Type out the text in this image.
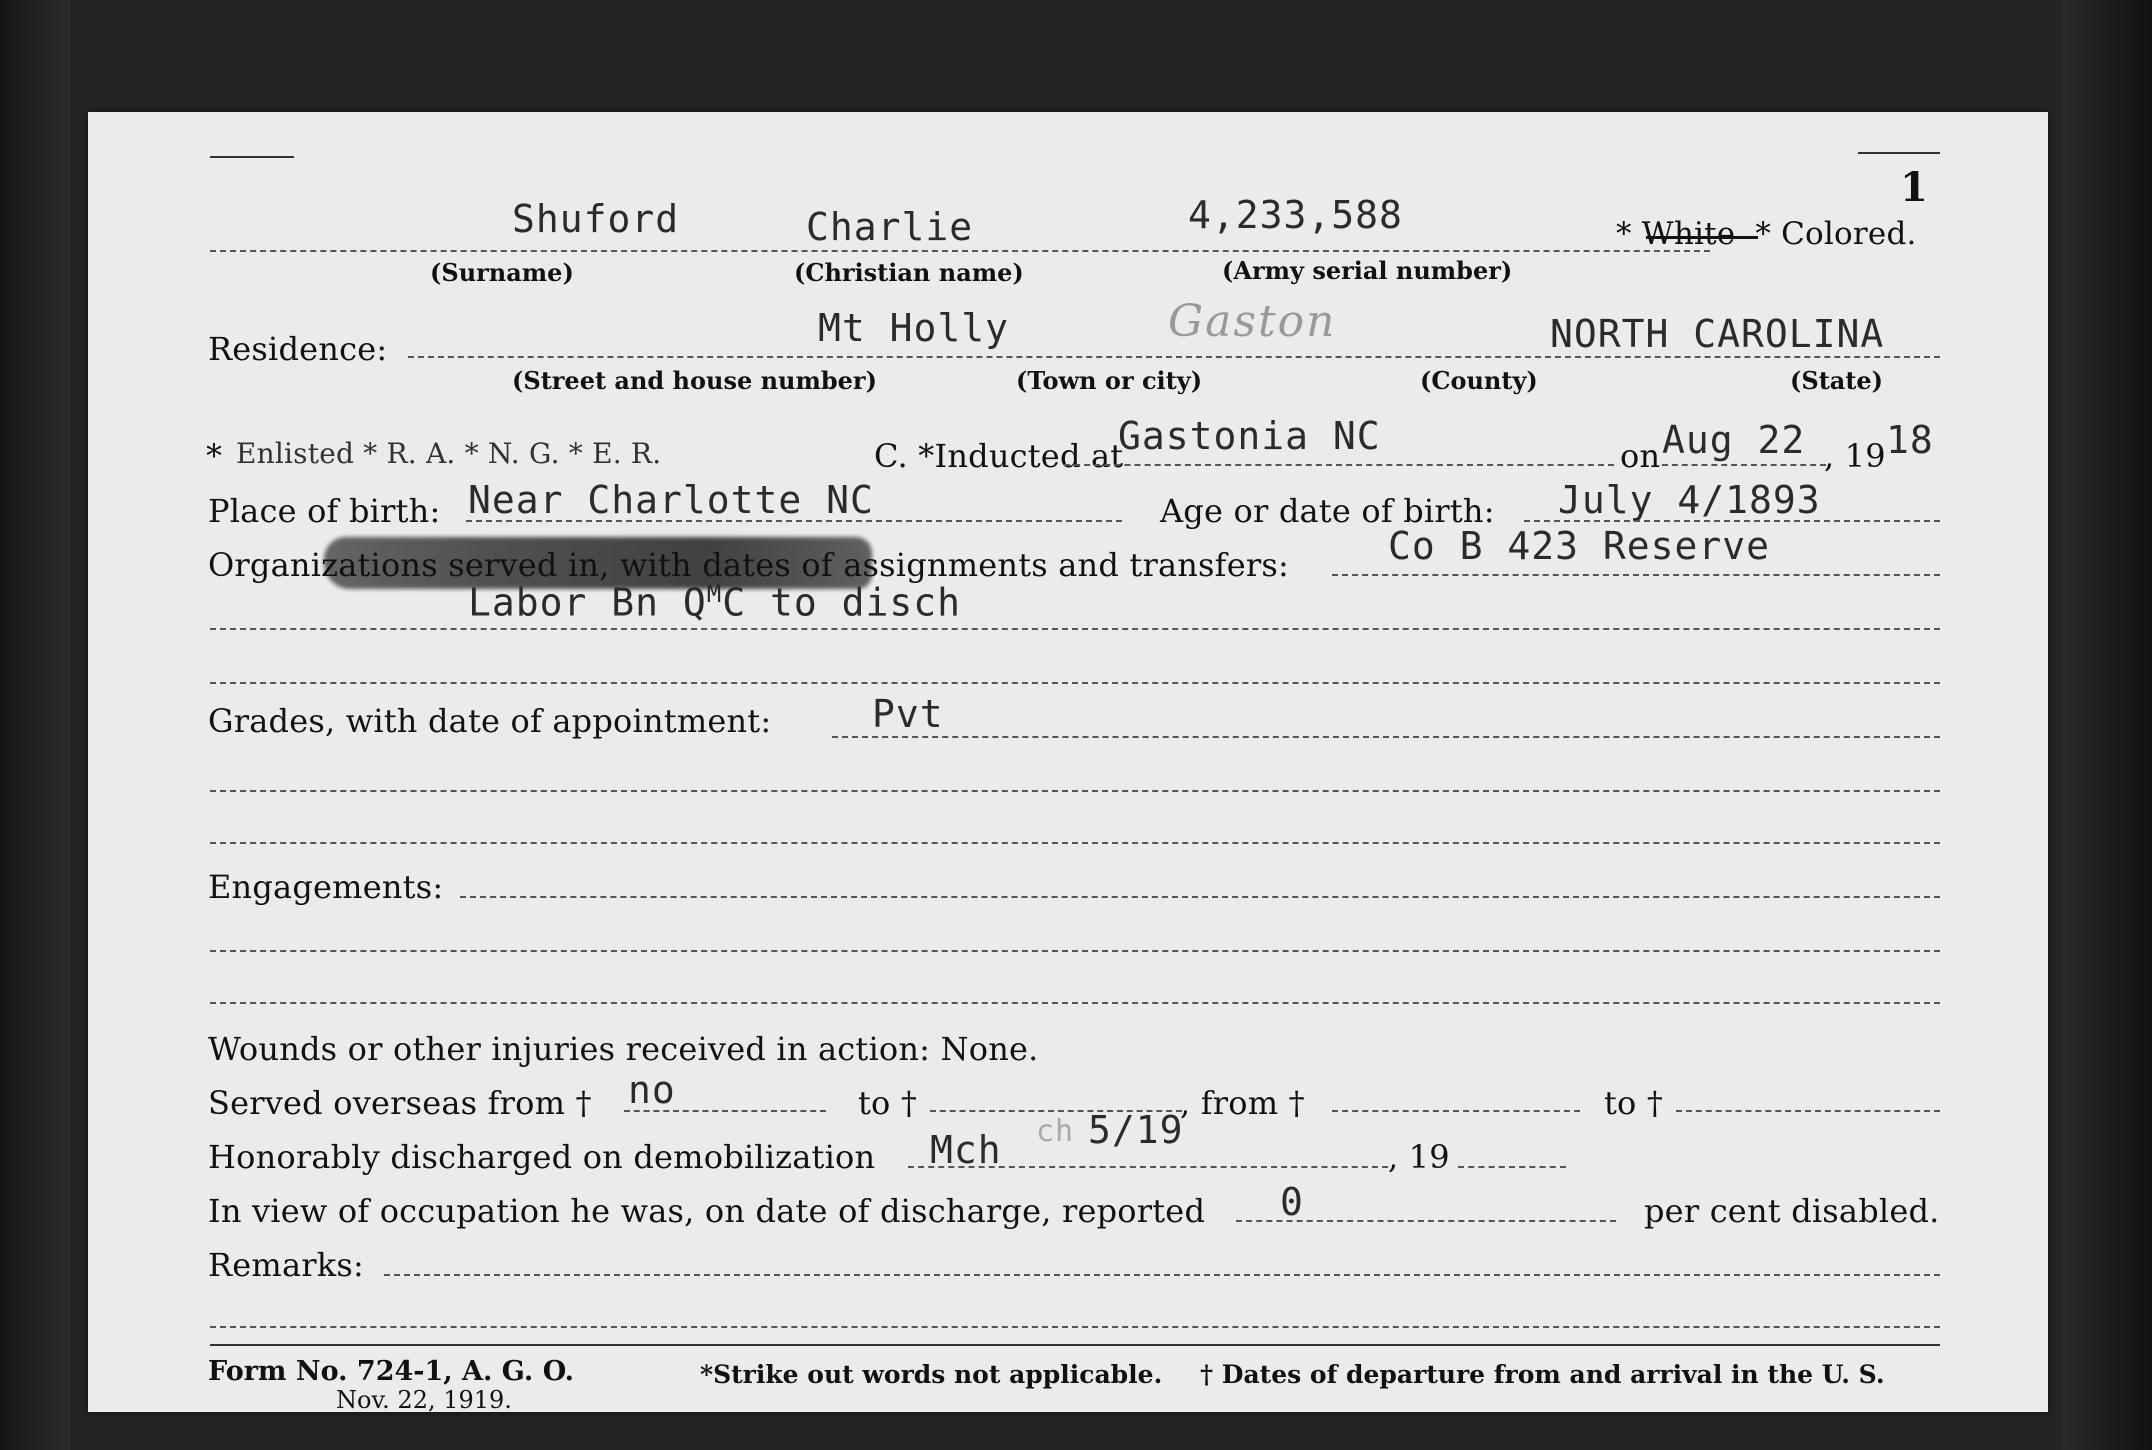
1
Shuford	Charlie	4,233,588	* White * Colored.
(Surname)	(Christian name)	(Army serial number)
Residence:	Mt Holly	Gaston	NORTH CAROLINA
(Street and house number)	(Town or city)	(County)	(State)
* Enlisted * R. A. * N. G. * E. R.	C. *Inducted at
Gastonia NC	on Aug 22 , 19 18
Place of birth: Near Charlotte NC	Age or date of birth: July 4/1893
Organizations served in, with dates of assignments and transfers:	Co B 423 Reserve
Labor Bn $Q^MC$ to disch
Grades, with date of appointment:	Pvt
Engagements:
Wounds or other injuries received in action: None.
Served overseas from † no	to †	, from †	to †
Honorably discharged on demobilization Mch ch 5/19
, 19
In view of occupation he was, on date of discharge, reported 0	per cent disabled.
Remarks:
Form No. 724-1, A. G. O.
Nov. 22, 1919.
*Strike out words not applicable. † Dates of departure from and arrival in the U. S.
